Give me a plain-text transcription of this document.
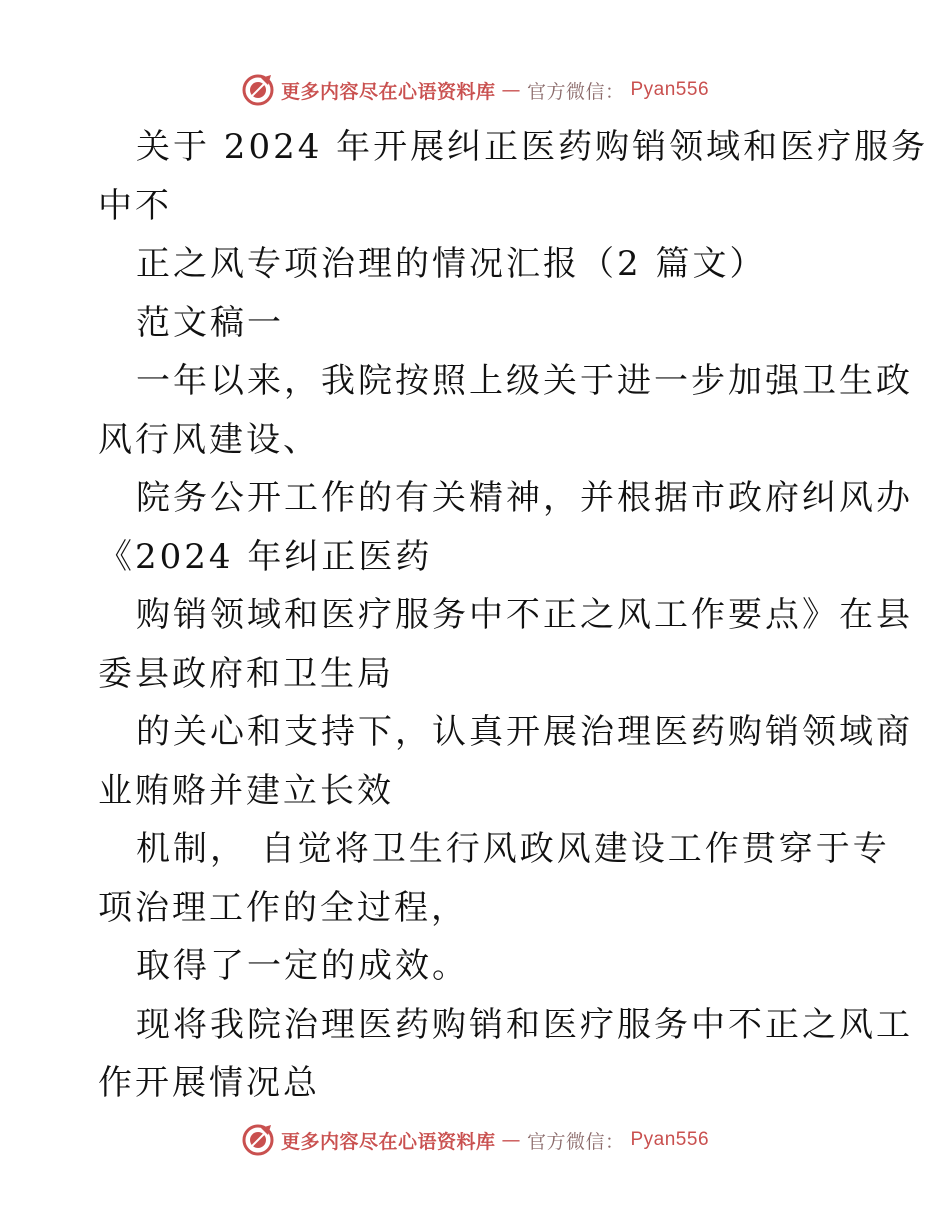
更多内容尽在心语资料库 — 官方微信： Pyan556
关于 2024 年开展纠正医药购销领域和医疗服务
中不
正之风专项治理的情况汇报（2 篇文）
范文稿一
一年以来，我院按照上级关于进一步加强卫生政
风行风建设、
院务公开工作的有关精神，并根据市政府纠风办
《2024 年纠正医药
购销领域和医疗服务中不正之风工作要点》在县
委县政府和卫生局
的关心和支持下，认真开展治理医药购销领域商
业贿赂并建立长效
机制， 自觉将卫生行风政风建设工作贯穿于专
项治理工作的全过程，
取得了一定的成效。
现将我院治理医药购销和医疗服务中不正之风工
作开展情况总
更多内容尽在心语资料库 — 官方微信： Pyan556
